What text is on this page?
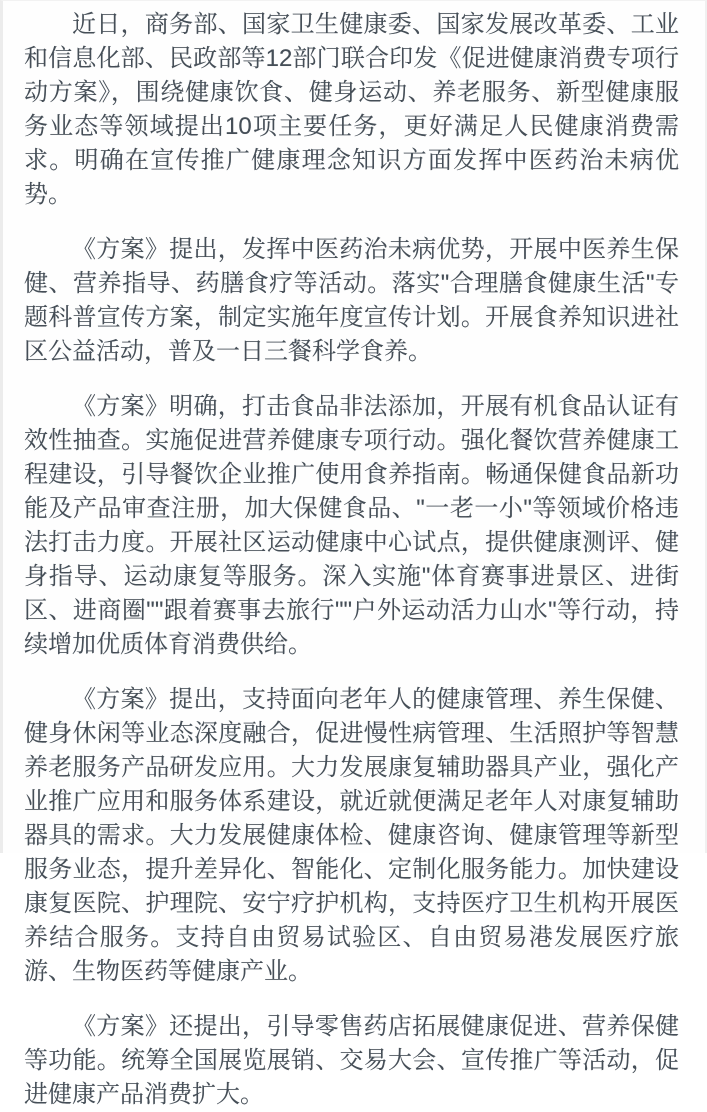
近日，商务部、国家卫生健康委、国家发展改革委、工业和信息化部、民政部等12部门联合印发《促进健康消费专项行动方案》，围绕健康饮食、健身运动、养老服务、新型健康服务业态等领域提出10项主要任务，更好满足人民健康消费需求。明确在宣传推广健康理念知识方面发挥中医药治未病优势。

《方案》提出，发挥中医药治未病优势，开展中医养生保健、营养指导、药膳食疗等活动。落实"合理膳食健康生活"专题科普宣传方案，制定实施年度宣传计划。开展食养知识进社区公益活动，普及一日三餐科学食养。

《方案》明确，打击食品非法添加，开展有机食品认证有效性抽查。实施促进营养健康专项行动。强化餐饮营养健康工程建设，引导餐饮企业推广使用食养指南。畅通保健食品新功能及产品审查注册，加大保健食品、"一老一小"等领域价格违法打击力度。开展社区运动健康中心试点，提供健康测评、健身指导、运动康复等服务。深入实施"体育赛事进景区、进街区、进商圈""跟着赛事去旅行""户外运动活力山水"等行动，持续增加优质体育消费供给。

《方案》提出，支持面向老年人的健康管理、养生保健、健身休闲等业态深度融合，促进慢性病管理、生活照护等智慧养老服务产品研发应用。大力发展康复辅助器具产业，强化产业推广应用和服务体系建设，就近就便满足老年人对康复辅助器具的需求。大力发展健康体检、健康咨询、健康管理等新型服务业态，提升差异化、智能化、定制化服务能力。加快建设康复医院、护理院、安宁疗护机构，支持医疗卫生机构开展医养结合服务。支持自由贸易试验区、自由贸易港发展医疗旅游、生物医药等健康产业。

《方案》还提出，引导零售药店拓展健康促进、营养保健等功能。统筹全国展览展销、交易大会、宣传推广等活动，促进健康产品消费扩大。
